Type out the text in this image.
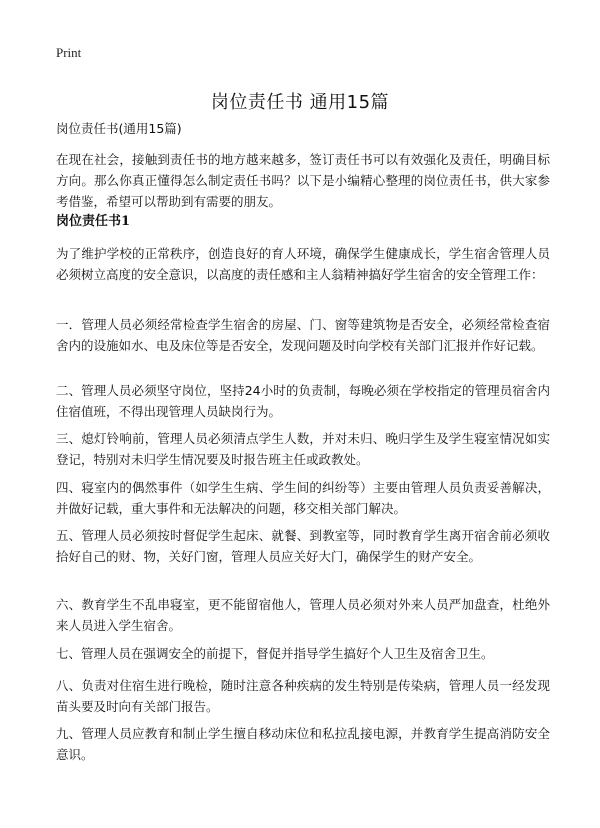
Print
岗位责任书 通用15篇
岗位责任书(通用15篇)

在现在社会，接触到责任书的地方越来越多，签订责任书可以有效强化及责任，明确目标方向。那么你真正懂得怎么制定责任书吗？以下是小编精心整理的岗位责任书，供大家参考借鉴，希望可以帮助到有需要的朋友。

岗位责任书1

为了维护学校的正常秩序，创造良好的育人环境，确保学生健康成长，学生宿舍管理人员必须树立高度的安全意识，以高度的责任感和主人翁精神搞好学生宿舍的安全管理工作：

一．管理人员必须经常检查学生宿舍的房屋、门、窗等建筑物是否安全，必须经常检查宿舍内的设施如水、电及床位等是否安全，发现问题及时向学校有关部门汇报并作好记载。

二、管理人员必须坚守岗位，坚持24小时的负责制，每晚必须在学校指定的管理员宿舍内住宿值班，不得出现管理人员缺岗行为。

三、熄灯铃响前，管理人员必须清点学生人数，并对未归、晚归学生及学生寝室情况如实登记，特别对未归学生情况要及时报告班主任或政教处。

四、寝室内的偶然事件（如学生生病、学生间的纠纷等）主要由管理人员负责妥善解决，并做好记载，重大事件和无法解决的问题，移交相关部门解决。

五、管理人员必须按时督促学生起床、就餐、到教室等，同时教育学生离开宿舍前必须收拾好自己的财、物，关好门窗，管理人员应关好大门，确保学生的财产安全。

六、教育学生不乱串寝室，更不能留宿他人，管理人员必须对外来人员严加盘查，杜绝外来人员进入学生宿舍。

七、管理人员在强调安全的前提下，督促并指导学生搞好个人卫生及宿舍卫生。

八、负责对住宿生进行晚检，随时注意各种疾病的发生特别是传染病，管理人员一经发现苗头要及时向有关部门报告。

九、管理人员应教育和制止学生擅自移动床位和私拉乱接电源，并教育学生提高消防安全意识。
